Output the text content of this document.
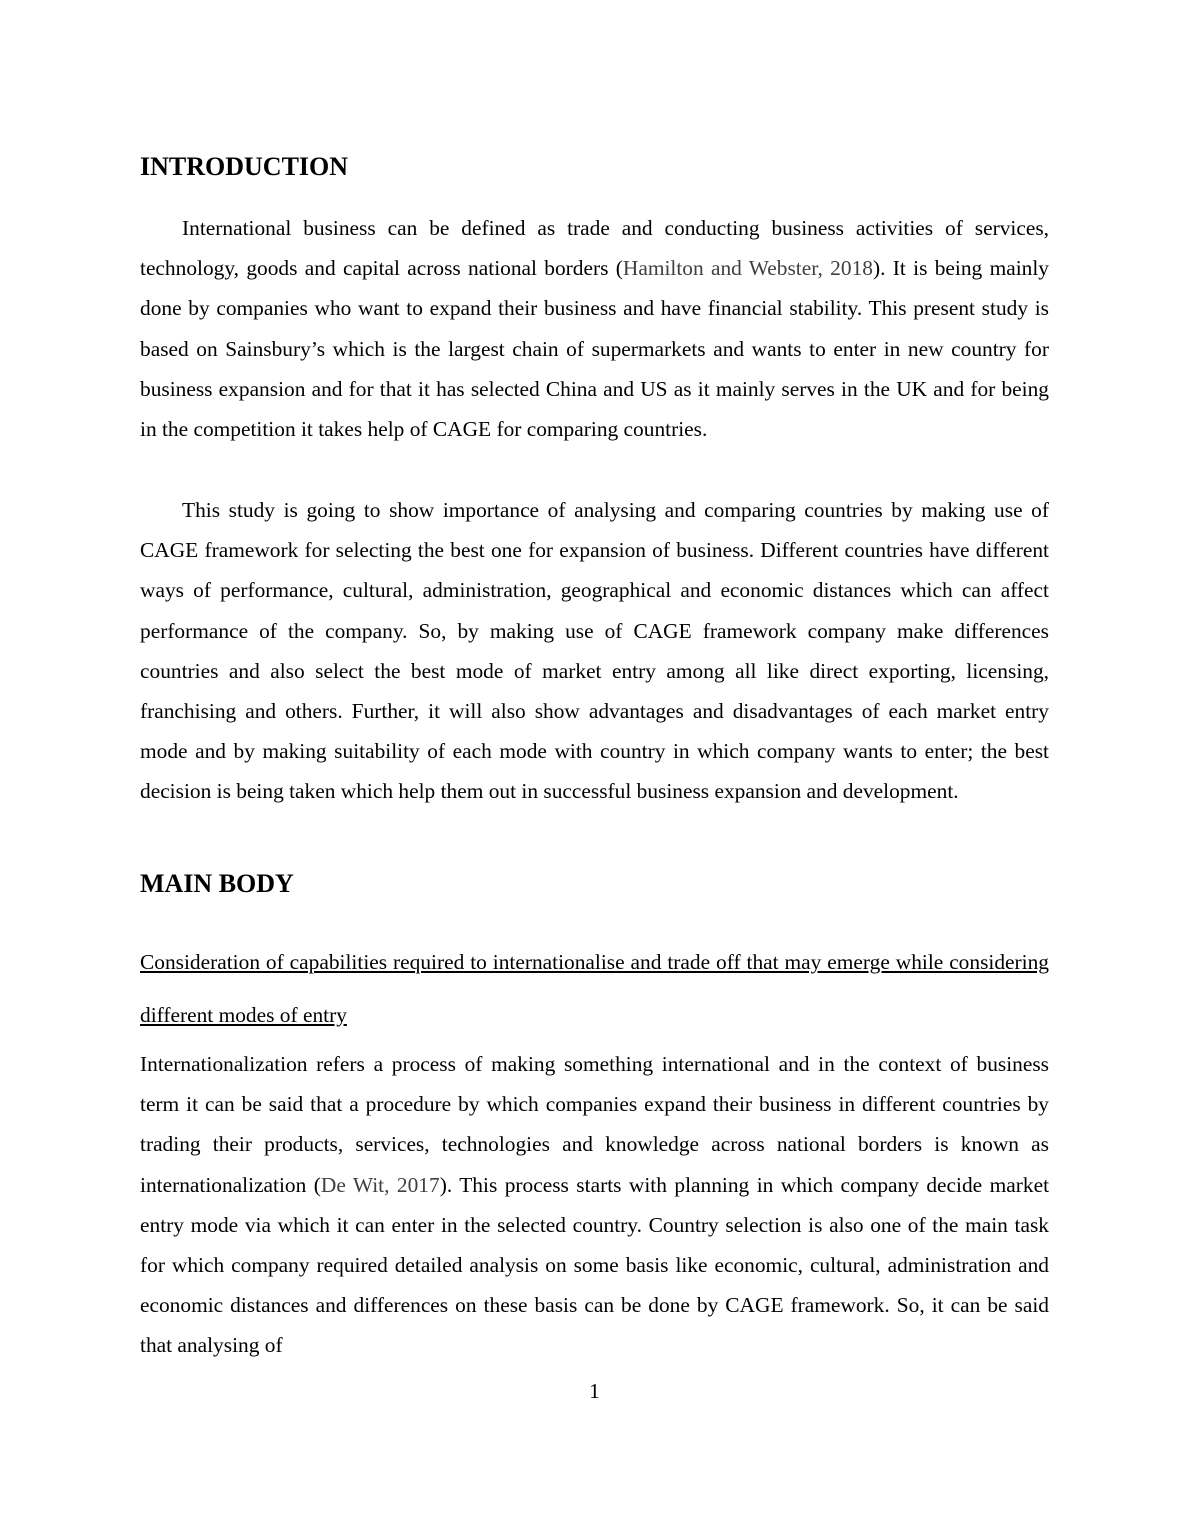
INTRODUCTION

International business can be defined as trade and conducting business activities of services, technology, goods and capital across national borders (Hamilton and Webster, 2018). It is being mainly done by companies who want to expand their business and have financial stability. This present study is based on Sainsbury’s which is the largest chain of supermarkets and wants to enter in new country for business expansion and for that it has selected China and US as it mainly serves in the UK and for being in the competition it takes help of CAGE for comparing countries.

This study is going to show importance of analysing and comparing countries by making use of CAGE framework for selecting the best one for expansion of business. Different countries have different ways of performance, cultural, administration, geographical and economic distances which can affect performance of the company. So, by making use of CAGE framework company make differences countries and also select the best mode of market entry among all like direct exporting, licensing, franchising and others. Further, it will also show advantages and disadvantages of each market entry mode and by making suitability of each mode with country in which company wants to enter; the best decision is being taken which help them out in successful business expansion and development.

MAIN BODY

Consideration of capabilities required to internationalise and trade off that may emerge while considering different modes of entry

Internationalization refers a process of making something international and in the context of business term it can be said that a procedure by which companies expand their business in different countries by trading their products, services, technologies and knowledge across national borders is known as internationalization (De Wit, 2017). This process starts with planning in which company decide market entry mode via which it can enter in the selected country. Country selection is also one of the main task for which company required detailed analysis on some basis like economic, cultural, administration and economic distances and differences on these basis can be done by CAGE framework. So, it can be said that analysing of

1
